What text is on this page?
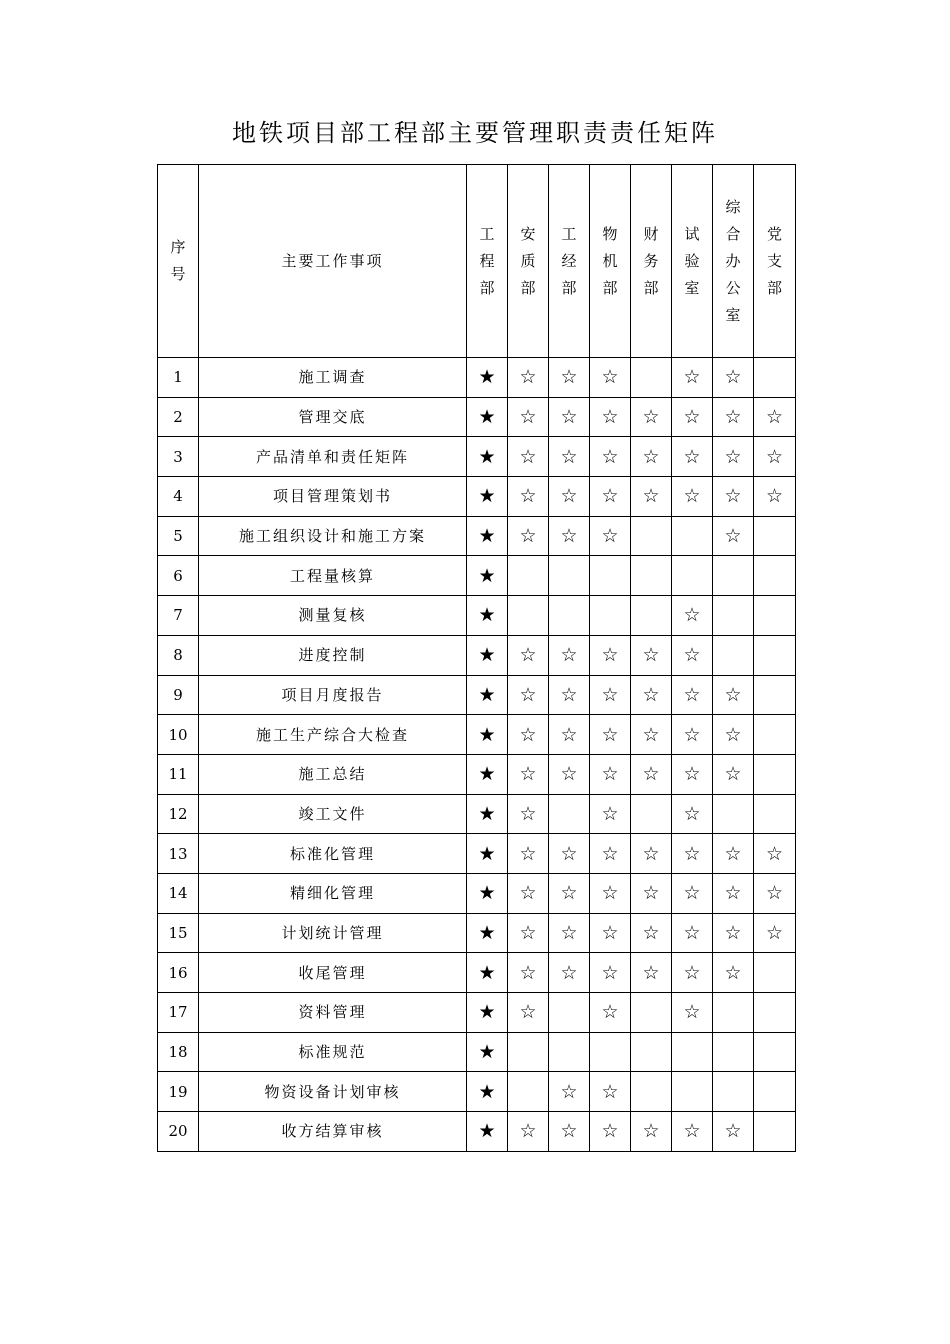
地铁项目部工程部主要管理职责责任矩阵
序号	主要工作事项	工程部	安质部	工经部	物机部	财务部	试验室	综合办公室	党支部
1	施工调查	★	☆	☆	☆		☆	☆	
2	管理交底	★	☆	☆	☆	☆	☆	☆	☆
3	产品清单和责任矩阵	★	☆	☆	☆	☆	☆	☆	☆
4	项目管理策划书	★	☆	☆	☆	☆	☆	☆	☆
5	施工组织设计和施工方案	★	☆	☆	☆			☆	
6	工程量核算	★							
7	测量复核	★					☆		
8	进度控制	★	☆	☆	☆	☆	☆		
9	项目月度报告	★	☆	☆	☆	☆	☆	☆	
10	施工生产综合大检查	★	☆	☆	☆	☆	☆	☆	
11	施工总结	★	☆	☆	☆	☆	☆	☆	
12	竣工文件	★	☆		☆		☆		
13	标准化管理	★	☆	☆	☆	☆	☆	☆	☆
14	精细化管理	★	☆	☆	☆	☆	☆	☆	☆
15	计划统计管理	★	☆	☆	☆	☆	☆	☆	☆
16	收尾管理	★	☆	☆	☆	☆	☆	☆	
17	资料管理	★	☆		☆		☆		
18	标准规范	★							
19	物资设备计划审核	★		☆	☆				
20	收方结算审核	★	☆	☆	☆	☆	☆	☆	
